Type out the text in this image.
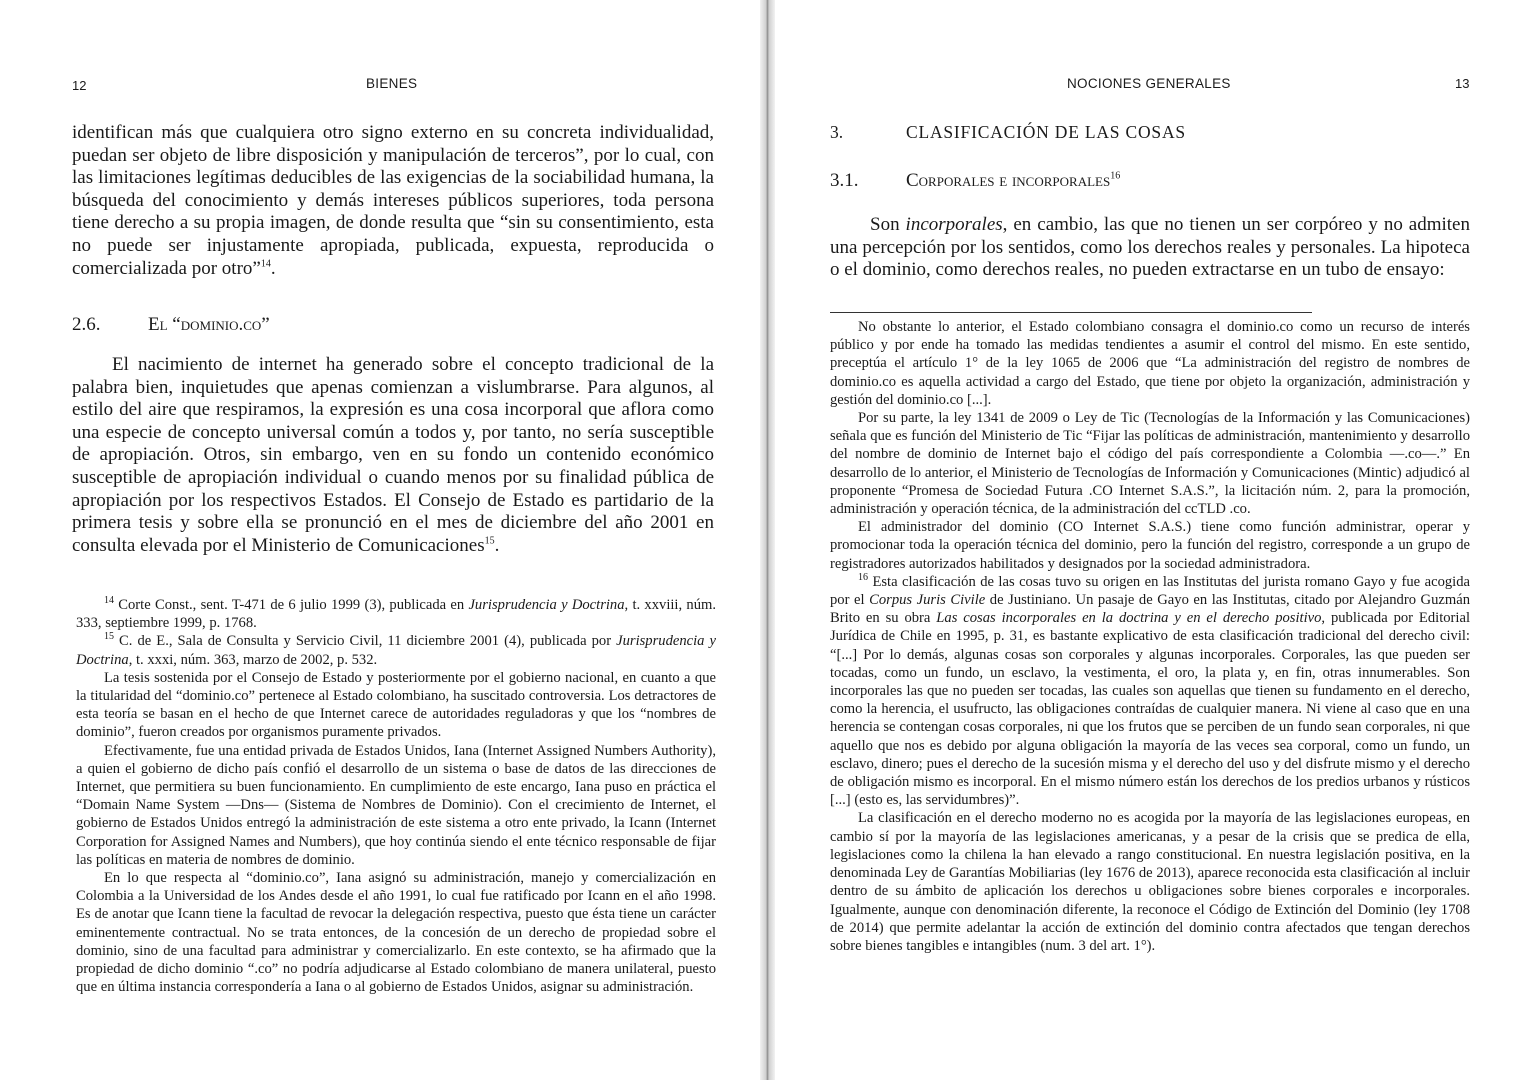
12	BIENES

identifican más que cualquiera otro signo externo en su concreta individualidad, puedan ser objeto de libre disposición y manipulación de terceros”, por lo cual, con las limitaciones legítimas deducibles de las exigencias de la sociabilidad humana, la búsqueda del conocimiento y demás intereses públicos superiores, toda persona tiene derecho a su propia imagen, de donde resulta que “sin su consentimiento, esta no puede ser injustamente apropiada, publicada, expuesta, reproducida o comercializada por otro”$^{14}$.

2.6.	El “dominio.co”

El nacimiento de internet ha generado sobre el concepto tradicional de la palabra bien, inquietudes que apenas comienzan a vislumbrarse. Para algunos, al estilo del aire que respiramos, la expresión es una cosa incorporal que aflora como una especie de concepto universal común a todos y, por tanto, no sería susceptible de apropiación. Otros, sin embargo, ven en su fondo un contenido económico susceptible de apropiación individual o cuando menos por su finalidad pública de apropiación por los respectivos Estados. El Consejo de Estado es partidario de la primera tesis y sobre ella se pronunció en el mes de diciembre del año 2001 en consulta elevada por el Ministerio de Comunicaciones$^{15}$.

$^{14}$ Corte Const., sent. T-471 de 6 julio 1999 (3), publicada en Jurisprudencia y Doctrina, t. xxviii, núm. 333, septiembre 1999, p. 1768.

$^{15}$ C. de E., Sala de Consulta y Servicio Civil, 11 diciembre 2001 (4), publicada por Jurisprudencia y Doctrina, t. xxxi, núm. 363, marzo de 2002, p. 532.

La tesis sostenida por el Consejo de Estado y posteriormente por el gobierno nacional, en cuanto a que la titularidad del “dominio.co” pertenece al Estado colombiano, ha suscitado controversia. Los detractores de esta teoría se basan en el hecho de que Internet carece de autoridades reguladoras y que los “nombres de dominio”, fueron creados por organismos puramente privados.

Efectivamente, fue una entidad privada de Estados Unidos, Iana (Internet Assigned Numbers Authority), a quien el gobierno de dicho país confió el desarrollo de un sistema o base de datos de las direcciones de Internet, que permitiera su buen funcionamiento. En cumplimiento de este encargo, Iana puso en práctica el “Domain Name System —Dns— (Sistema de Nombres de Dominio). Con el crecimiento de Internet, el gobierno de Estados Unidos entregó la administración de este sistema a otro ente privado, la Icann (Internet Corporation for Assigned Names and Numbers), que hoy continúa siendo el ente técnico responsable de fijar las políticas en materia de nombres de dominio.

En lo que respecta al “dominio.co”, Iana asignó su administración, manejo y comercialización en Colombia a la Universidad de los Andes desde el año 1991, lo cual fue ratificado por Icann en el año 1998. Es de anotar que Icann tiene la facultad de revocar la delegación respectiva, puesto que ésta tiene un carácter eminentemente contractual. No se trata entonces, de la concesión de un derecho de propiedad sobre el dominio, sino de una facultad para administrar y comercializarlo. En este contexto, se ha afirmado que la propiedad de dicho dominio “.co” no podría adjudicarse al Estado colombiano de manera unilateral, puesto que en última instancia correspondería a Iana o al gobierno de Estados Unidos, asignar su administración.

NOCIONES GENERALES	13
3.	CLASIFICACIÓN DE LAS COSAS
3.1.	Corporales e incorporales$^{16}$

Son incorporales, en cambio, las que no tienen un ser corpóreo y no admiten una percepción por los sentidos, como los derechos reales y personales. La hipoteca o el dominio, como derechos reales, no pueden extractarse en un tubo de ensayo:

No obstante lo anterior, el Estado colombiano consagra el dominio.co como un recurso de interés público y por ende ha tomado las medidas tendientes a asumir el control del mismo. En este sentido, preceptúa el artículo 1° de la ley 1065 de 2006 que “La administración del registro de nombres de dominio.co es aquella actividad a cargo del Estado, que tiene por objeto la organización, administración y gestión del dominio.co [...].

Por su parte, la ley 1341 de 2009 o Ley de Tic (Tecnologías de la Información y las Comunicaciones) señala que es función del Ministerio de Tic “Fijar las políticas de administración, mantenimiento y desarrollo del nombre de dominio de Internet bajo el código del país correspondiente a Colombia —.co—.” En desarrollo de lo anterior, el Ministerio de Tecnologías de Información y Comunicaciones (Mintic) adjudicó al proponente “Promesa de Sociedad Futura .CO Internet S.A.S.”, la licitación núm. 2, para la promoción, administración y operación técnica, de la administración del ccTLD .co.

El administrador del dominio (CO Internet S.A.S.) tiene como función administrar, operar y promocionar toda la operación técnica del dominio, pero la función del registro, corresponde a un grupo de registradores autorizados habilitados y designados por la sociedad administradora.

$^{16}$ Esta clasificación de las cosas tuvo su origen en las Institutas del jurista romano Gayo y fue acogida por el Corpus Juris Civile de Justiniano. Un pasaje de Gayo en las Institutas, citado por Alejandro Guzmán Brito en su obra Las cosas incorporales en la doctrina y en el derecho positivo, publicada por Editorial Jurídica de Chile en 1995, p. 31, es bastante explicativo de esta clasificación tradicional del derecho civil: “[...] Por lo demás, algunas cosas son corporales y algunas incorporales. Corporales, las que pueden ser tocadas, como un fundo, un esclavo, la vestimenta, el oro, la plata y, en fin, otras innumerables. Son incorporales las que no pueden ser tocadas, las cuales son aquellas que tienen su fundamento en el derecho, como la herencia, el usufructo, las obligaciones contraídas de cualquier manera. Ni viene al caso que en una herencia se contengan cosas corporales, ni que los frutos que se perciben de un fundo sean corporales, ni que aquello que nos es debido por alguna obligación la mayoría de las veces sea corporal, como un fundo, un esclavo, dinero; pues el derecho de la sucesión misma y el derecho del uso y del disfrute mismo y el derecho de obligación mismo es incorporal. En el mismo número están los derechos de los predios urbanos y rústicos [...] (esto es, las servidumbres)”.

La clasificación en el derecho moderno no es acogida por la mayoría de las legislaciones europeas, en cambio sí por la mayoría de las legislaciones americanas, y a pesar de la crisis que se predica de ella, legislaciones como la chilena la han elevado a rango constitucional. En nuestra legislación positiva, en la denominada Ley de Garantías Mobiliarias (ley 1676 de 2013), aparece reconocida esta clasificación al incluir dentro de su ámbito de aplicación los derechos u obligaciones sobre bienes corporales e incorporales. Igualmente, aunque con denominación diferente, la reconoce el Código de Extinción del Dominio (ley 1708 de 2014) que permite adelantar la acción de extinción del dominio contra afectados que tengan derechos sobre bienes tangibles e intangibles (num. 3 del art. 1°).
